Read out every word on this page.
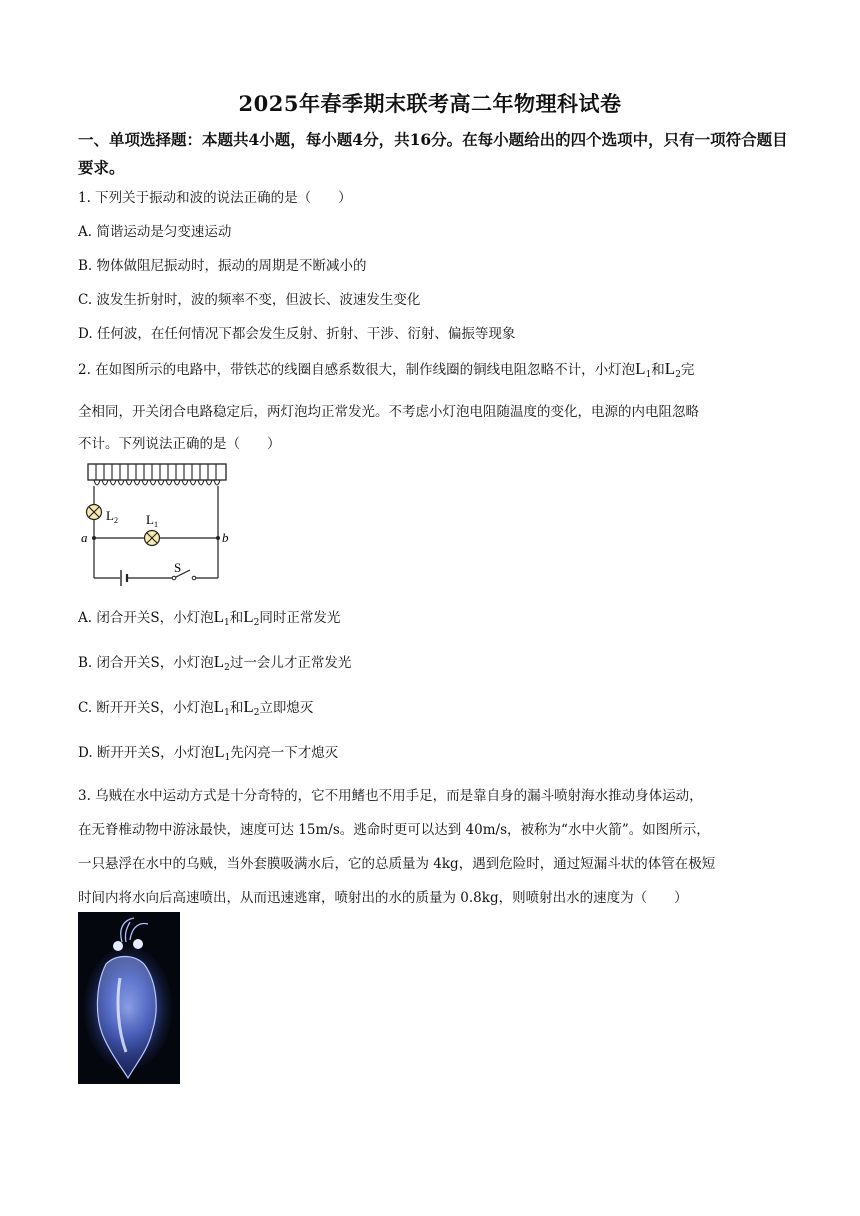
2025年春季期末联考高二年物理科试卷
一、单项选择题：本题共4小题，每小题4分，共16分。在每小题给出的四个选项中，只有一项符合题目要求。
1. 下列关于振动和波的说法正确的是（　　）
A. 简谐运动是匀变速运动
B. 物体做阻尼振动时，振动的周期是不断减小的
C. 波发生折射时，波的频率不变，但波长、波速发生变化
D. 任何波，在任何情况下都会发生反射、折射、干涉、衍射、偏振等现象
2. 在如图所示的电路中，带铁芯的线圈自感系数很大，制作线圈的铜线电阻忽略不计，小灯泡$L_1$和$L_2$完
全相同，开关闭合电路稳定后，两灯泡均正常发光。不考虑小灯泡电阻随温度的变化，电源的内电阻忽略
不计。下列说法正确的是（　　）
$L_2$ $L_1$
a	b
S
A. 闭合开关S，小灯泡$L_1$和$L_2$同时正常发光
B. 闭合开关S，小灯泡$L_2$过一会儿才正常发光
C. 断开开关S，小灯泡$L_1$和$L_2$立即熄灭
D. 断开开关S，小灯泡$L_1$先闪亮一下才熄灭
3. 乌贼在水中运动方式是十分奇特的，它不用鳍也不用手足，而是靠自身的漏斗喷射海水推动身体运动，
在无脊椎动物中游泳最快，速度可达 15m/s。逃命时更可以达到 40m/s，被称为“水中火箭”。如图所示，
一只悬浮在水中的乌贼，当外套膜吸满水后，它的总质量为 4kg，遇到危险时，通过短漏斗状的体管在极短
时间内将水向后高速喷出，从而迅速逃窜，喷射出的水的质量为 0.8kg，则喷射出水的速度为（　　）
